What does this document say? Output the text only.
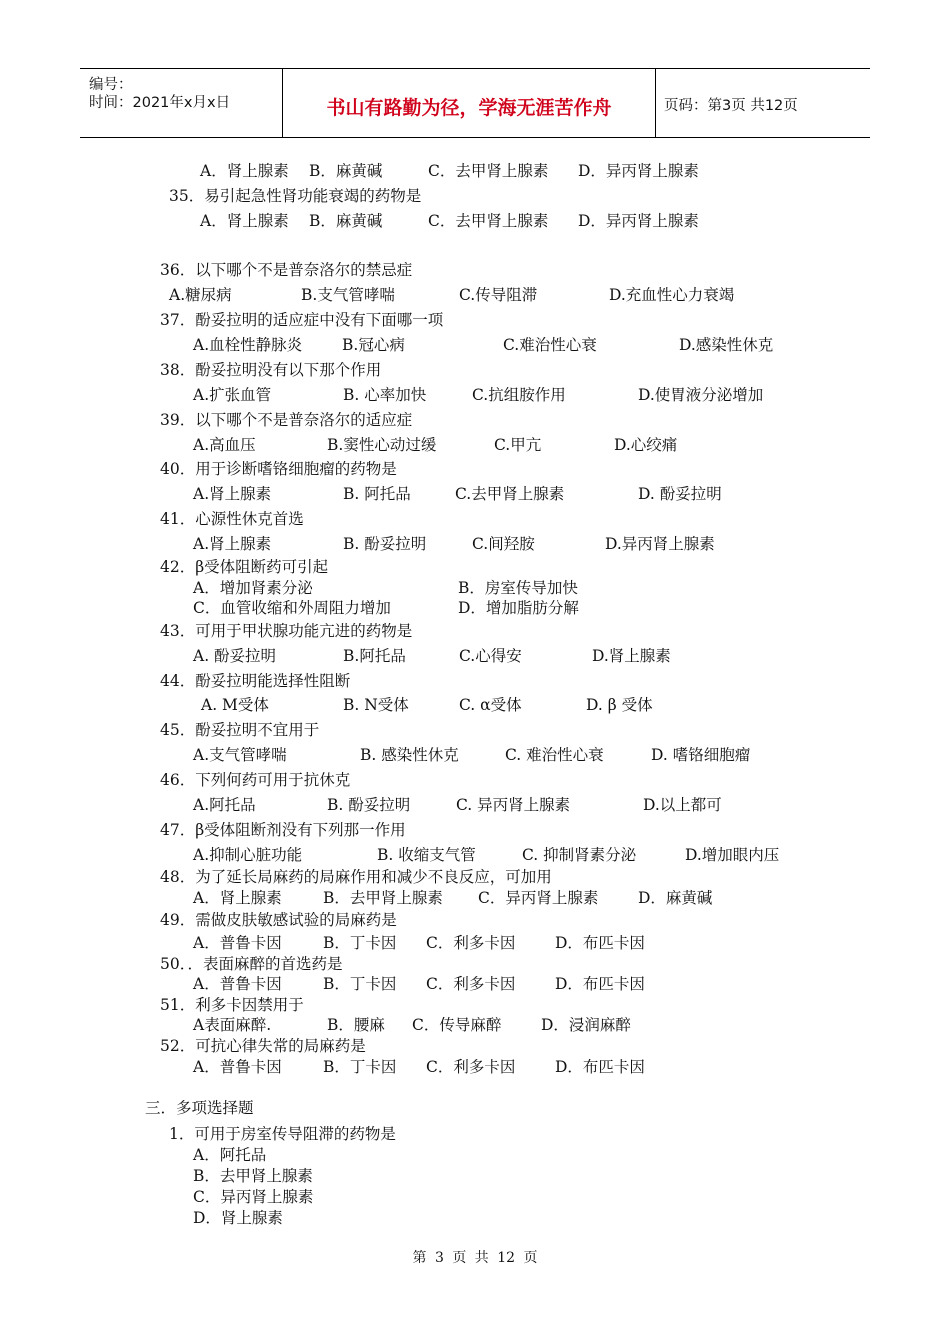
编号：
时间：2021年x月x日	书山有路勤为径，学海无涯苦作舟	页码：第3页 共12页
A．肾上腺素 B．麻黄碱	C．去甲肾上腺素 D．异丙肾上腺素
35．易引起急性肾功能衰竭的药物是
A．肾上腺素 B．麻黄碱	C．去甲肾上腺素 D．异丙肾上腺素
36．以下哪个不是普奈洛尔的禁忌症
A.糖尿病	B.支气管哮喘	C.传导阻滞	D.充血性心力衰竭
37．酚妥拉明的适应症中没有下面哪一项
A.血栓性静脉炎	B.冠心病	C.难治性心衰	D.感染性休克
38．酚妥拉明没有以下那个作用
A.扩张血管	B. 心率加快	C.抗组胺作用	D.使胃液分泌增加
39．以下哪个不是普奈洛尔的适应症
A.高血压	B.窦性心动过缓	C.甲亢	D.心绞痛
40．用于诊断嗜铬细胞瘤的药物是
A.肾上腺素	B. 阿托品	C.去甲肾上腺素	D. 酚妥拉明
41．心源性休克首选
A.肾上腺素	B. 酚妥拉明	C.间羟胺	D.异丙肾上腺素
42．β受体阻断药可引起
A．增加肾素分泌	B．房室传导加快
C．血管收缩和外周阻力增加	D．增加脂肪分解
43．可用于甲状腺功能亢进的药物是
A. 酚妥拉明	B.阿托品	C.心得安	D.肾上腺素
44．酚妥拉明能选择性阻断
A. M受体	B. N受体	C. α受体	D. β 受体
45．酚妥拉明不宜用于
A.支气管哮喘	B. 感染性休克	C. 难治性心衰	D. 嗜铬细胞瘤
46．下列何药可用于抗休克
A.阿托品	B. 酚妥拉明	C. 异丙肾上腺素	D.以上都可
47．β受体阻断剂没有下列那一作用
A.抑制心脏功能	B. 收缩支气管	C. 抑制肾素分泌	D.增加眼内压
48．为了延长局麻药的局麻作用和减少不良反应，可加用
A．肾上腺素	B．去甲肾上腺素 C．异丙肾上腺素	D．麻黄碱
49．需做皮肤敏感试验的局麻药是
A．普鲁卡因	B．丁卡因 C．利多卡因	D．布匹卡因
50．．表面麻醉的首选药是
A．普鲁卡因	B．丁卡因 C．利多卡因	D．布匹卡因
51．利多卡因禁用于
A表面麻醉.	B．腰麻 C．传导麻醉	D．浸润麻醉
52．可抗心律失常的局麻药是
A．普鲁卡因	B．丁卡因 C．利多卡因	D．布匹卡因
三．多项选择题
1．可用于房室传导阻滞的药物是
A．阿托品
B．去甲肾上腺素
C．异丙肾上腺素
D．肾上腺素
第 3 页 共 12 页
